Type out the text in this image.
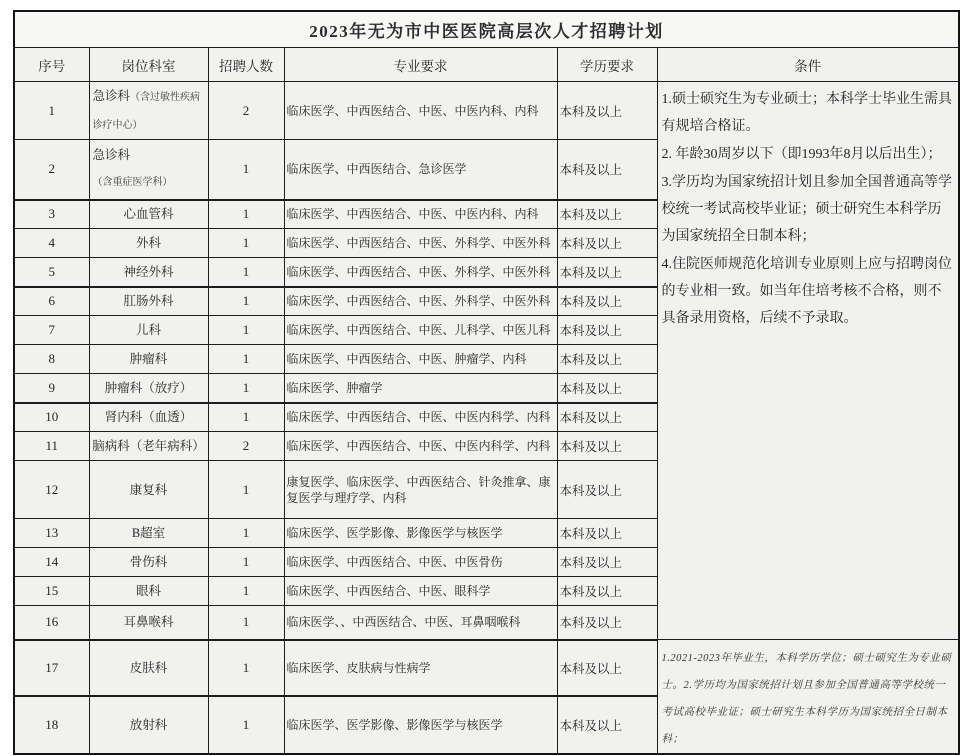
2023年无为市中医医院高层次人才招聘计划					
序号	岗位科室	招聘人数	专业要求	学历要求	条件
1	急诊科（含过敏性疾病诊疗中心）	2	临床医学、中西医结合、中医、中医内科、内科	本科及以上	1.硕士硕究生为专业硕士；本科学士毕业生需具有规培合格证。

2. 年龄30周岁以下（即1993年8月以后出生）；

3.学历均为国家统招计划且参加全国普通高等学校统一考试高校毕业证；硕士研究生本科学历为国家统招全日制本科；

4.住院医师规范化培训专业原则上应与招聘岗位的专业相一致。如当年住培考核不合格，则不具备录用资格，后续不予录取。

2	急诊科（含重症医学科）	1	临床医学、中西医结合、急诊医学	本科及以上	
3	心血管科	1	临床医学、中西医结合、中医、中医内科、内科	本科及以上	
4	外科	1	临床医学、中西医结合、中医、外科学、中医外科	本科及以上	
5	神经外科	1	临床医学、中西医结合、中医、外科学、中医外科	本科及以上	
6	肛肠外科	1	临床医学、中西医结合、中医、外科学、中医外科	本科及以上	
7	儿科	1	临床医学、中西医结合、中医、儿科学、中医儿科	本科及以上	
8	肿瘤科	1	临床医学、中西医结合、中医、肿瘤学、内科	本科及以上	
9	肿瘤科（放疗）	1	临床医学、肿瘤学	本科及以上	
10	肾内科（血透）	1	临床医学、中西医结合、中医、中医内科学、内科	本科及以上	
11	脑病科（老年病科）	2	临床医学、中西医结合、中医、中医内科学、内科	本科及以上	
12	康复科	1	康复医学、临床医学、中西医结合、针灸推拿、康复医学与理疗学、内科	本科及以上	
13	B超室	1	临床医学、医学影像、影像医学与核医学	本科及以上	
14	骨伤科	1	临床医学、中西医结合、中医、中医骨伤	本科及以上	
15	眼科	1	临床医学、中西医结合、中医、眼科学	本科及以上	
16	耳鼻喉科	1	临床医学、、中西医结合、中医、耳鼻咽喉科	本科及以上	
17	皮肤科	1	临床医学、皮肤病与性病学	本科及以上	1.2021-2023年毕业生，本科学历学位；硕士硕究生为专业硕士。2.学历均为国家统招计划且参加全国普通高等学校统一考试高校毕业证；硕士研究生本科学历为国家统招全日制本科；
18	放射科	1	临床医学、医学影像、影像医学与核医学	本科及以上	
